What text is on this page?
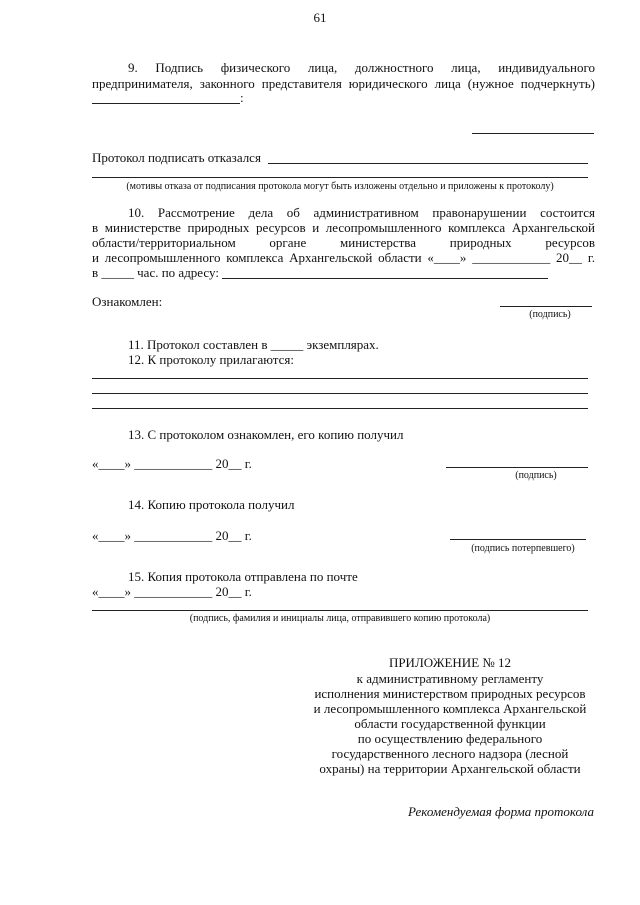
61
9. Подпись физического лица, должностного лица, индивидуального
предпринимателя, законного представителя юридического лица (нужное подчеркнуть)
:
Протокол подписать отказался
(мотивы отказа от подписания протокола могут быть изложены отдельно и приложены к протоколу)
10. Рассмотрение дела об административном правонарушении состоится
в министерстве природных ресурсов и лесопромышленного комплекса Архангельской
области/территориальном органе министерства природных ресурсов
и лесопромышленного комплекса Архангельской области «____» ____________ 20__ г.
в _____ час. по адресу:
Ознакомлен:
(подпись)
11. Протокол составлен в _____ экземплярах.
12. К протоколу прилагаются:
13. С протоколом ознакомлен, его копию получил
«____» ____________ 20__ г.
(подпись)
14. Копию протокола получил
«____» ____________ 20__ г.
(подпись потерпевшего)
15. Копия протокола отправлена по почте
«____» ____________ 20__ г.
(подпись, фамилия и инициалы лица, отправившего копию протокола)
ПРИЛОЖЕНИЕ № 12
к административному регламенту
исполнения министерством природных ресурсов
и лесопромышленного комплекса Архангельской
области государственной функции
по осуществлению федерального
государственного лесного надзора (лесной
охраны) на территории Архангельской области
Рекомендуемая форма протокола
